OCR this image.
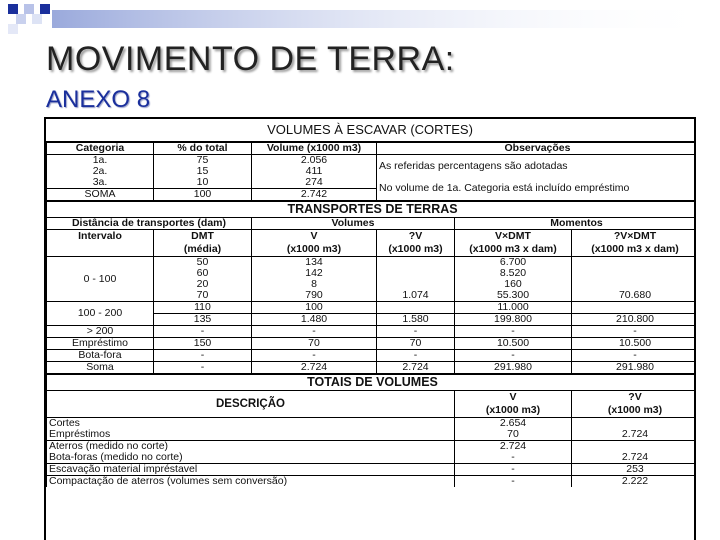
MOVIMENTO DE TERRA:
ANEXO 8
VOLUMES À ESCAVAR (CORTES)
Categoria	% do total	Volume (x1000 m3)	Observações
1a.	75	2.056	As referidas percentagens são adotadas
2a.	15	411	
3a.	10	274	No volume de 1a. Categoria está incluído empréstimo
SOMA	100	2.742	
TRANSPORTES DE TERRAS					
Distância de transportes (dam)		Volumes		Momentos	
Intervalo	DMT	V	?V	V×DMT	?V×DMT
	(média)	(x1000 m3)	(x1000 m3)	(x1000 m3 x dam)	(x1000 m3 x dam)
0 - 100	50	134		6.700	
	60	142		8.520	
	20	8		160	
	70	790	1.074	55.300	70.680
100 - 200	110	100		11.000	
	135	1.480	1.580	199.800	210.800
> 200	-	-	-	-	-
Empréstimo	150	70	70	10.500	10.500
Bota-fora	-	-	-	-	-
Soma	-	2.724	2.724	291.980	291.980
TOTAIS DE VOLUMES		
DESCRIÇÃO	V	?V
	(x1000 m3)	(x1000 m3)
Cortes	2.654	
Empréstimos	70	2.724
Aterros (medido no corte)	2.724	
Bota-foras (medido no corte)	-	2.724
Escavação material impréstavel	-	253
Compactação de aterros (volumes sem conversão)	-	2.222
